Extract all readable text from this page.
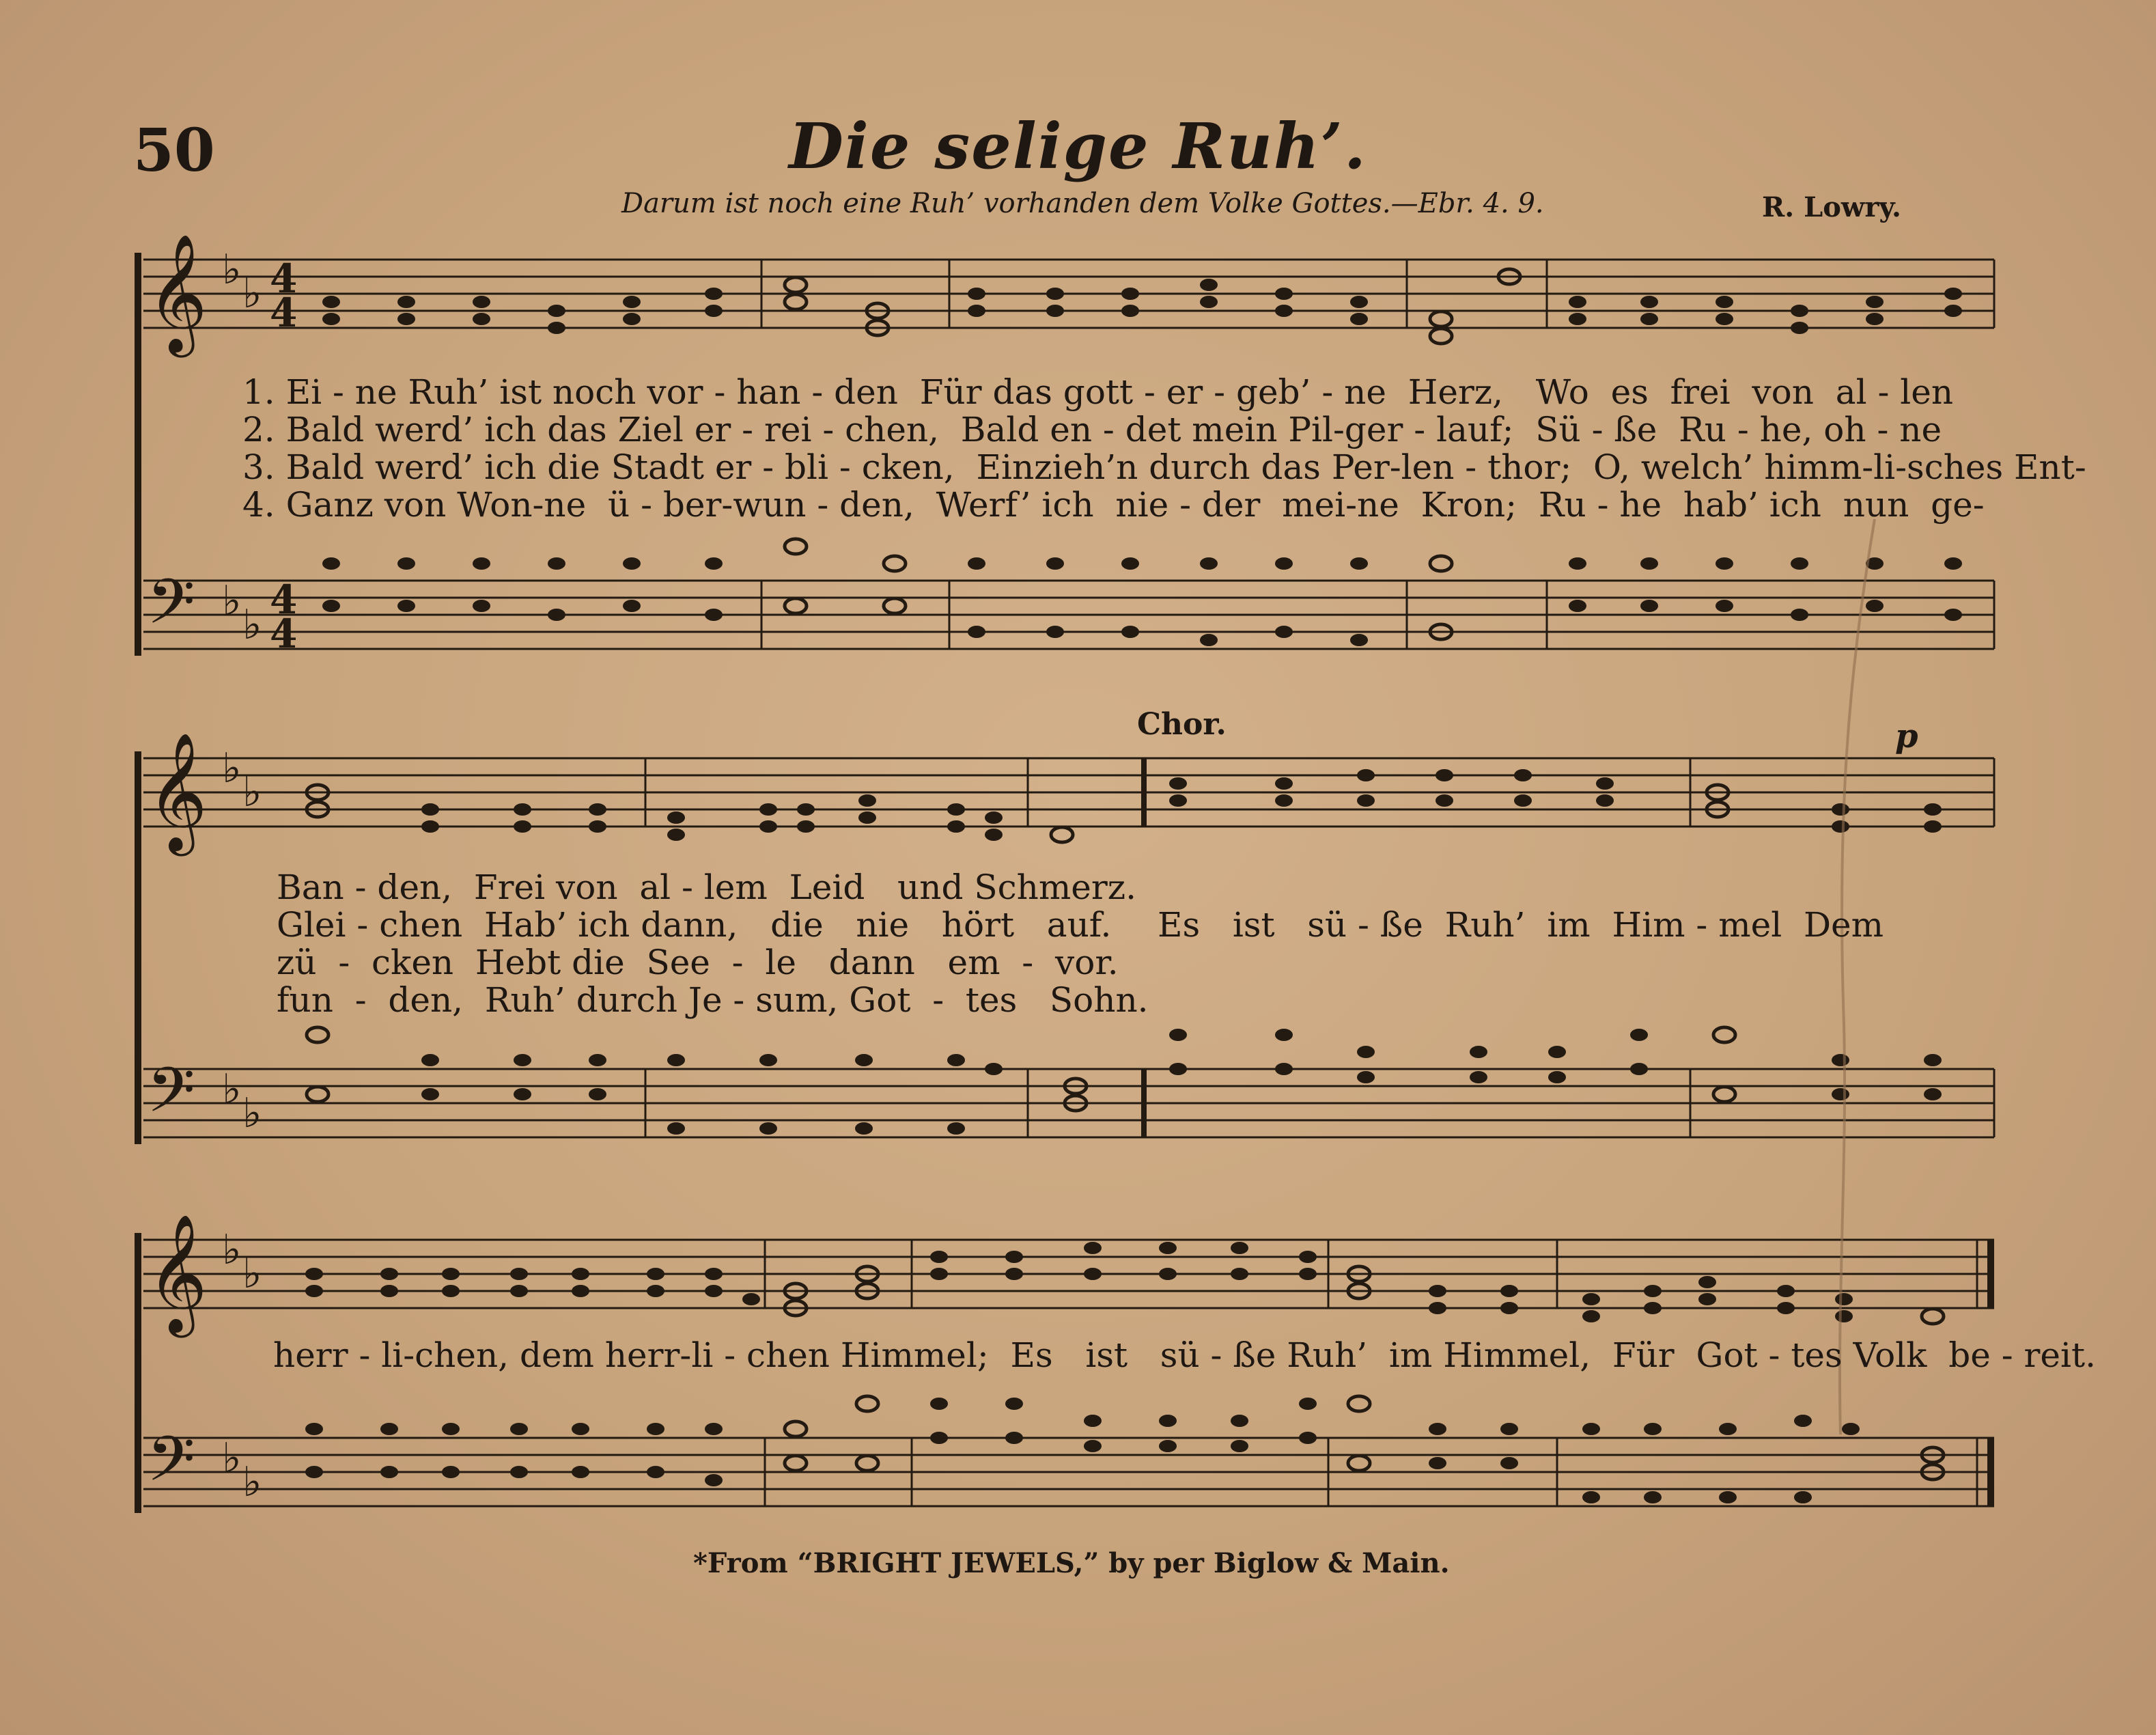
50	Die selige Ruh’.
Darum ist noch eine Ruh’ vorhanden dem Volke Gottes.—Ebr. 4. 9.	R. Lowry.
𝄞
𝄞
𝄞
𝄢
𝄢
𝄢
♭ ♭
♭ ♭
♭ ♭
♭ ♭
♭ ♭
♭ ♭
4
4
4
4
Chor.	p
1. Ei - ne Ruh’ ist noch vor - han - den  Für das gott - er - geb’ - ne  Herz,   Wo  es  frei  von  al - len
2. Bald werd’ ich das Ziel er - rei - chen,  Bald en - det mein Pil-ger - lauf;  Sü - ße  Ru - he, oh - ne
3. Bald werd’ ich die Stadt er - bli - cken,  Einzieh’n durch das Per-len - thor;  O, welch’ himm-li-sches Ent-
4. Ganz von Won-ne  ü - ber-wun - den,  Werf’ ich  nie - der  mei-ne  Kron;  Ru - he  hab’ ich  nun  ge-
Ban - den,  Frei von  al - lem  Leid   und Schmerz.
Glei - chen  Hab’ ich dann,   die   nie   hört   auf.
zü  -  cken  Hebt die  See  -  le   dann   em  -  vor.
fun  -  den,  Ruh’ durch Je - sum, Got  -  tes   Sohn.
Es   ist   sü - ße  Ruh’  im  Him - mel  Dem
herr - li-chen, dem herr-li - chen Himmel;  Es   ist   sü - ße Ruh’  im Himmel,  Für  Got - tes Volk  be - reit.
*From “BRIGHT JEWELS,” by per Biglow & Main.
